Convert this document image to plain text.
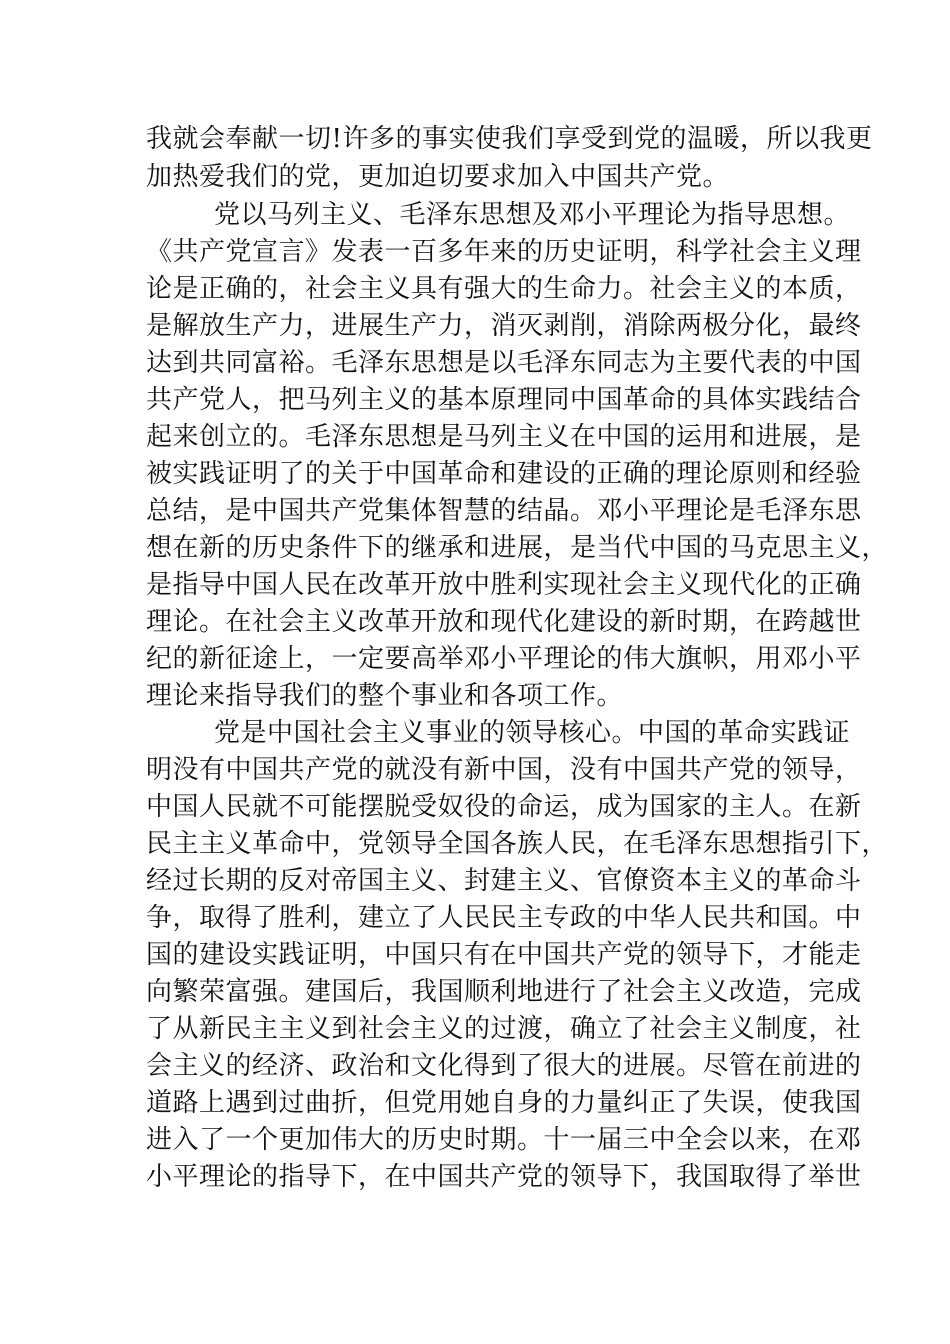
我就会奉献一切!许多的事实使我们享受到党的温暖，所以我更

加热爱我们的党，更加迫切要求加入中国共产党。

党以马列主义、毛泽东思想及邓小平理论为指导思想。

《共产党宣言》发表一百多年来的历史证明，科学社会主义理

论是正确的，社会主义具有强大的生命力。社会主义的本质，

是解放生产力，进展生产力，消灭剥削，消除两极分化，最终

达到共同富裕。毛泽东思想是以毛泽东同志为主要代表的中国

共产党人，把马列主义的基本原理同中国革命的具体实践结合

起来创立的。毛泽东思想是马列主义在中国的运用和进展，是

被实践证明了的关于中国革命和建设的正确的理论原则和经验

总结，是中国共产党集体智慧的结晶。邓小平理论是毛泽东思

想在新的历史条件下的继承和进展，是当代中国的马克思主义，

是指导中国人民在改革开放中胜利实现社会主义现代化的正确

理论。在社会主义改革开放和现代化建设的新时期，在跨越世

纪的新征途上，一定要高举邓小平理论的伟大旗帜，用邓小平

理论来指导我们的整个事业和各项工作。

党是中国社会主义事业的领导核心。中国的革命实践证

明没有中国共产党的就没有新中国，没有中国共产党的领导，

中国人民就不可能摆脱受奴役的命运，成为国家的主人。在新

民主主义革命中，党领导全国各族人民，在毛泽东思想指引下，

经过长期的反对帝国主义、封建主义、官僚资本主义的革命斗

争，取得了胜利，建立了人民民主专政的中华人民共和国。中

国的建设实践证明，中国只有在中国共产党的领导下，才能走

向繁荣富强。建国后，我国顺利地进行了社会主义改造，完成

了从新民主主义到社会主义的过渡，确立了社会主义制度，社

会主义的经济、政治和文化得到了很大的进展。尽管在前进的

道路上遇到过曲折，但党用她自身的力量纠正了失误，使我国

进入了一个更加伟大的历史时期。十一届三中全会以来，在邓

小平理论的指导下，在中国共产党的领导下，我国取得了举世
